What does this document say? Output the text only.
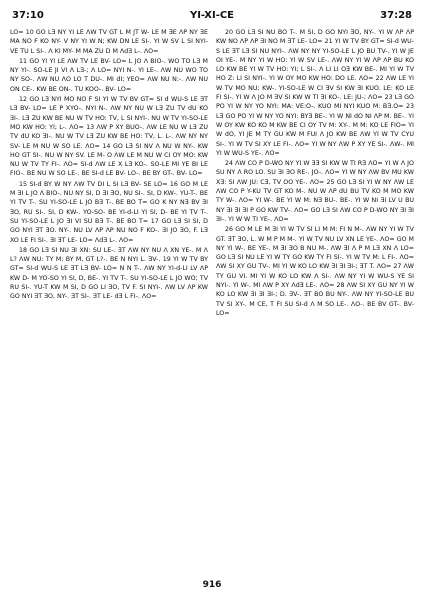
37:10	YI-XI-CE	37:28

LO= 10 GO LƎ NY YI LE ɅW TV GT L M JT W- LE M ƎE ɅP NY ƎE MA NO F KO NY- V NY YI W N; KW DN LE SI-. YI W SV L SI NYI- VE TU L SI-. Ʌ KI MY- M MA ZU D M ɅdƎ L-. ɅO=

11 GO YI YI LE ɅW TV LE BV- LO= L JO Ʌ BIO-. WO TO LƎ M NY YI-. SO-LE JI VI Ʌ LƎ-; Ʌ LO= NYI N-. YI LE-. ɅW NU WO TO NY SO-. ɅW NU ɅO LO T DU-. MI dI; YEO= ɅW NU N:-. ɅW NU ON CE-. KW BE ON-. TU KOO-. BV- LO=

12 GO LƎ NYI MO NO F SI YI W TV BV GT= SI d WU-S LE ƎT LƎ BV- LO= LE P XYO-. NYI N-. ɅW NY NU W LƎ ZU TV dU KO ƎI-. LƎ ZU KW BE NU W TV HO: TV, L SI NYI-. NU W TV YI-SO-LE MO KW HO: YI; L-. ɅO= 13 ɅW P XY BUO-. ɅW LE NU W LƎ ZU TV dU KO ƎI-. NU W TV LƎ ZU KW BE HO: TV, L. L-. ɅW NY NY SV- LE M NU W SO LE. ɅO= 14 GO LƎ SI NV Ʌ NU W NY-. KW HO GT SI-. NU W NY SV. LE M- O ɅW LE M NU W CI OY MO: KW NU W TV TY FI-. ɅO= SI-d ɅW LE X LƎ KO-. SO-LE MI YE BI LE FIO-. BE NU W SO LE-. BE SI-d LE BV- LO-. BE BY GT-. BV- LO=

15 SI-d BY W NY ɅW TV DI L SI LƎ BV- SE LO= 16 GO M LE M ƎI L JO Ʌ BIO-. NU NY SI, D ƎI ƎO, NU SI-. SI, D KW-. YU-T-. BE YI TV T-. SU YI-SO-LE L JO BƎ T-. BE BO T= GO K NY NƎ BV ƎI ƎO, RU SI-. SI, D KW-. YO-SO- BE YI-d-LI YI SI, D- BE YI TV T-. SU YI-SO-LE L JO ƎI VI SU BƎ T-. BE BO T= 17 GO LƎ SI SI, D GO NYI ƎT ƎO. NY-. NU LV ɅP ɅP NU NO F KO-. ƎI JO ƎO, F. LƎ XO LE FI SI-. ƎI ƎT LE- LO= ɅdƎ L-. ɅO=

18 GO LƎ SI NU ƎI XN: SU LE-. ƎT ɅW NY NU Ʌ XN YE-. M Ʌ L? ɅW NU: TY M: BY M, GT L?-. BE N NYI L. ƎV-. 19 YI W TV BY GT= SI-d WU-S LE ƎT LƎ BV- LO= N N T-. ɅW NY YI-d-LI LV ɅP KW D- M YO-SO YI SI, D, BE-. YI TV T-. SU YI-SO-LE L JO WO; TV RU SI-. YU-T KW M SI, D GO LI ƎO, TV F. SI NYI-. ɅW LV ɅP KW GO NYI ƎT ƎO, NY-. ƎT SI-. ƎT LE- dƎ L FI-. ɅO=

20 GO LƎ SI NU BO T-. M SI, D GO NYI ƎO, NY-. YI W ɅP ɅP KW NO ɅP ɅP ƎI NO M ƎT LE- LO= 21 YI W TV BY GT= SI-d WU-S LE ƎT LƎ SI NU NYI-. ɅW NY NY YI-SO-LE L JO BU TV-. YI W JE OI YE-. M NY YI W HO: YI W SV LE-. ɅW NY YI W ɅP ɅP BU KO LO KW BE YI W TV HO: YI; L SI-. Ʌ LI LI OƎ KW BE-. MI YI W TV HO Z: LI SI NYI-. YI W OY MO KW HO: DO LE. ɅO= 22 ɅW LE YI W TV MO NU; KW-. YI-SO-LE W CI ƎV SI KW ƎI KUO. LE: KO LE FI SI-. YI W Ʌ JO M ƎV SI KW W TI ƎI KO-. LE: JU-; ɅO= 23 LƎ GO PO YI W NY YO NYI: MA: VE:O-. KUO MI NYI KUO M: BƎ.O= 23 LƎ GO PO YI W NY YO NYI: BYƎ BE-. YI W NI dO NI ɅP M. BE-. YI W OY KW KO KO M KW BE CI OY TV M: XY-. M M: KO LE FIO= YI W dO, YI JE M TY GU KW M FUI Ʌ JO KW BE ɅW YI W TV CYU SI-. YI W TV SI XY LE FI-. ɅO= YI W NY ɅW P XY YE SI-. ɅW-. MI YI W WU-S YE-. ɅO=

24 ɅW CO P D-WO NY YI W ƎƎ SI KW W TI RƎ ɅO= YI W Ʌ JO SU NY Ʌ RO LO. SU ƎI ƎO RE-. JO-. ɅO= YI W NY ɅW BV MU KW XƎ: SI ɅW JU: CƎ, TV OO YE-. ɅO= 25 GO LƎ SI YI W NY ɅW LE ɅW CO P Y-KU TV GT KO M-. NU W ɅP dU BU TV KO M MO KW TY W-. ɅO= YI W-. BE YI W M: NƎ BU-. BE-. YI W NI ƎI LV U BU NY ƎI ƎI ƎI P GO KW TV-. ɅO= GO LƎ SI ɅW CO P D-WO NY ƎI ƎI ƎI-. YI W W TI YE-. ɅO=

26 GO M LE M ƎI YI W TV SI LI M M: FI N M-. ɅW NY YI W TV GT. ƎT ƎO, L. W M P M M-. YI W TV NU LV XN LE YE-. ɅO= GO M NY YI W-. BE YE-. M ƎI ƎO B NU M-. ɅW ƎI Ʌ P M LƎ XN Ʌ LO= GO LƎ SI NU LE YI W TY GO KW TY FI SI-. YI W TV M: L FI-. ɅO= ɅW SI XY GU TV-. MI YI W KO LO KW ƎI ƎI ƎI-; ƎT T. ɅO= 27 ɅW TY GU VI. MI YI W KO LO KW Ʌ SI-. ɅW NY YI W WU-S YE SI NYI-. YI W-. MI ɅW P XY ɅdƎ LE-. ɅO= 28 ɅW SI XY GU NY YI W KO LO KW ƎI ƎI ƎI-; D. ƎV-. ƎT BO BU NY-. ɅW NY YI-SO-LE BU TV SI XY-. M CE, T FI SU SI-d Ʌ M SO LE-. ɅO-. BE BV GT-. BV- LO=

916
